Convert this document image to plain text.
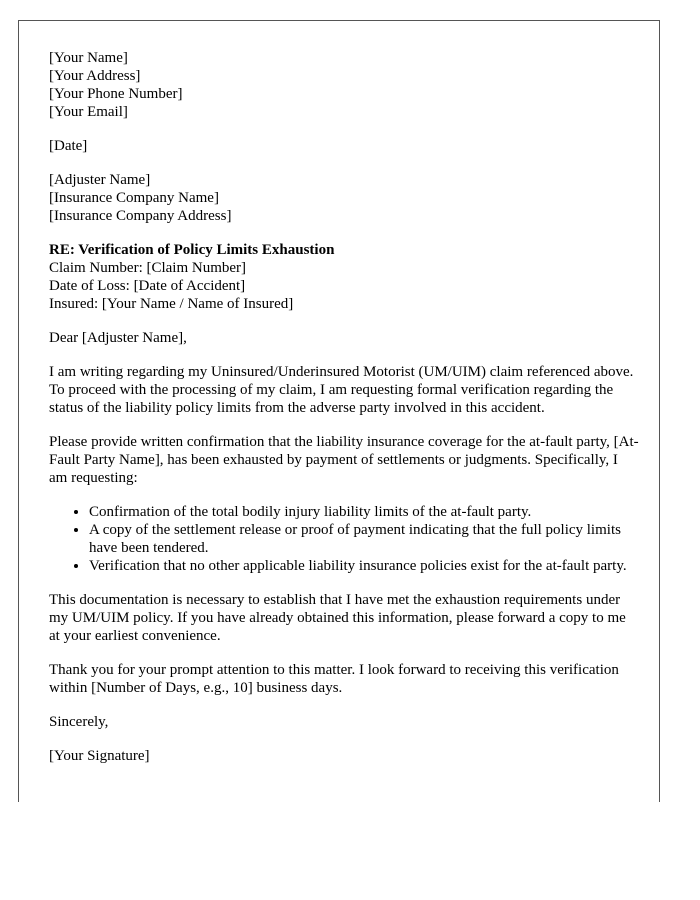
[Your Name]
[Your Address]
[Your Phone Number]
[Your Email]
[Date]
[Adjuster Name]
[Insurance Company Name]
[Insurance Company Address]
RE: Verification of Policy Limits Exhaustion
Claim Number: [Claim Number]
Date of Loss: [Date of Accident]
Insured: [Your Name / Name of Insured]

Dear [Adjuster Name],

I am writing regarding my Uninsured/Underinsured Motorist (UM/UIM) claim referenced above. To proceed with the processing of my claim, I am requesting formal verification regarding the status of the liability policy limits from the adverse party involved in this accident.

Please provide written confirmation that the liability insurance coverage for the at-fault party, [At-Fault Party Name], has been exhausted by payment of settlements or judgments. Specifically, I am requesting:

• Confirmation of the total bodily injury liability limits of the at-fault party.
• A copy of the settlement release or proof of payment indicating that the full policy limits have been tendered.
• Verification that no other applicable liability insurance policies exist for the at-fault party.

This documentation is necessary to establish that I have met the exhaustion requirements under my UM/UIM policy. If you have already obtained this information, please forward a copy to me at your earliest convenience.

Thank you for your prompt attention to this matter. I look forward to receiving this verification within [Number of Days, e.g., 10] business days.

Sincerely,

[Your Signature]
